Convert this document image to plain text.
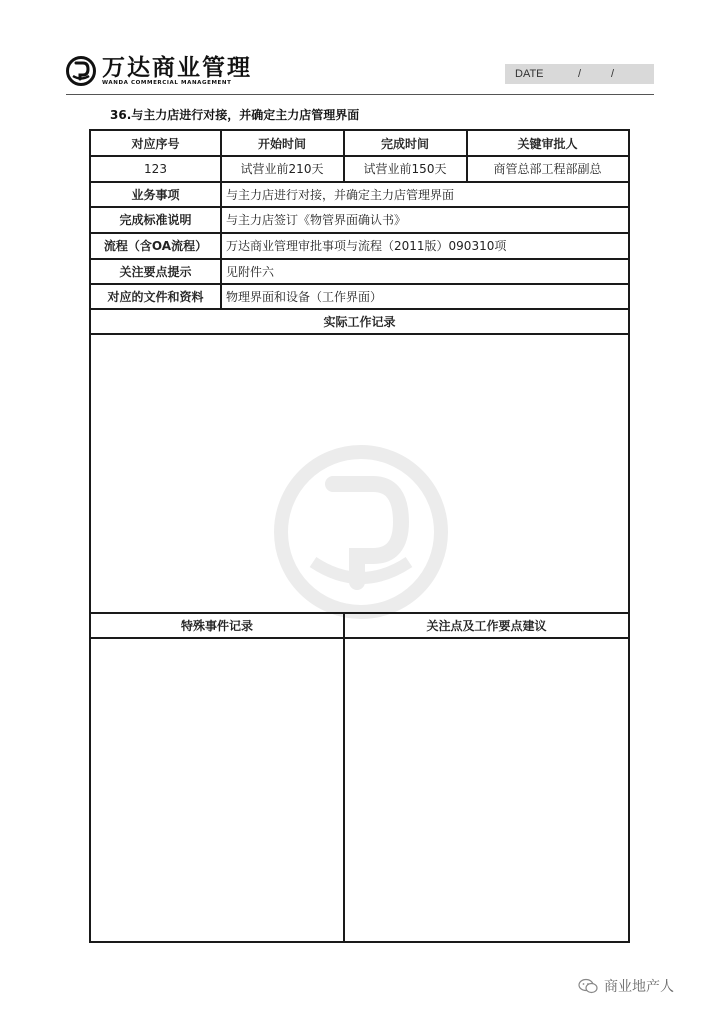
万达商业管理
WANDA COMMERCIAL MANAGEMENT
DATE	/	/
36.与主力店进行对接，并确定主力店管理界面
对应序号	开始时间	完成时间	关键审批人
123	试营业前210天	试营业前150天	商管总部工程部副总
业务事项	与主力店进行对接，并确定主力店管理界面
完成标准说明	与主力店签订《物管界面确认书》
流程（含OA流程）	万达商业管理审批事项与流程（2011版）090310项
关注要点提示	见附件六
对应的文件和资料	物理界面和设备（工作界面）
实际工作记录
特殊事件记录	关注点及工作要点建议
商业地产人
